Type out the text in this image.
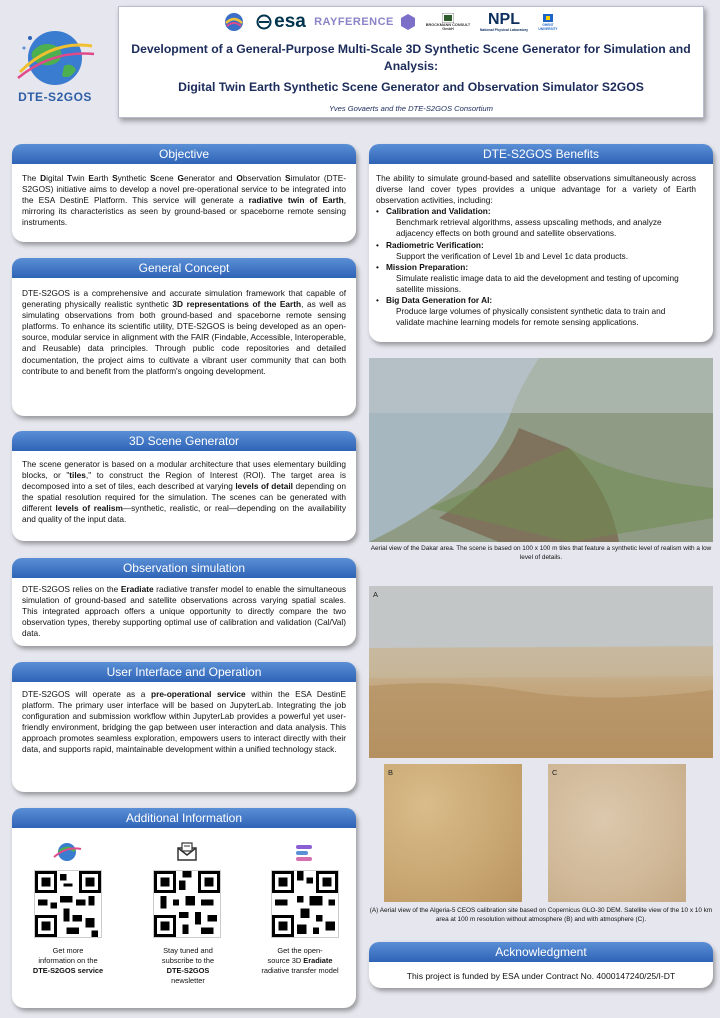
esa RAYFERENCE	BROCKMANN CONSULT GmbH
NPL
National Physical Laboratory
GHENT UNIVERSITY
Development of a General-Purpose Multi-Scale 3D Synthetic Scene Generator for Simulation and Analysis:
Digital Twin Earth Synthetic Scene Generator and Observation Simulator S2GOS
Yves Govaerts and the DTE-S2GOS Consortium
DTE-S2GOS
Objective
The Digital Twin Earth Synthetic Scene Generator and Observation Simulator (DTE-S2GOS) initiative aims to develop a novel pre-operational service to be integrated into the ESA DestinE Platform. This service will generate a radiative twin of Earth, mirroring its characteristics as seen by ground-based or spaceborne remote sensing instruments.
General Concept
DTE-S2GOS is a comprehensive and accurate simulation framework that capable of generating physically realistic synthetic 3D representations of the Earth, as well as simulating observations from both ground-based and spaceborne remote sensing platforms. To enhance its scientific utility, DTE-S2GOS is being developed as an open-source, modular service in alignment with the FAIR (Findable, Accessible, Interoperable, and Reusable) data principles. Through public code repositories and detailed documentation, the project aims to cultivate a vibrant user community that can both contribute to and benefit from the platform's ongoing development.
3D Scene Generator
The scene generator is based on a modular architecture that uses elementary building blocks, or "tiles," to construct the Region of Interest (ROI). The target area is decomposed into a set of tiles, each described at varying levels of detail depending on the spatial resolution required for the simulation. The scenes can be generated with different levels of realism—synthetic, realistic, or real—depending on the availability and quality of the input data.
Observation simulation
DTE-S2GOS relies on the Eradiate radiative transfer model to enable the simultaneous simulation of ground-based and satellite observations across varying spatial scales. This integrated approach offers a unique opportunity to directly compare the two observation types, thereby supporting optimal use of calibration and validation (Cal/Val) data.
User Interface and Operation
DTE-S2GOS will operate as a pre-operational service within the ESA DestinE platform. The primary user interface will be based on JupyterLab. Integrating the job configuration and submission workflow within JupyterLab provides a powerful yet user-friendly environment, bridging the gap between user interaction and data analysis. This approach promotes seamless exploration, empowers users to interact directly with their data, and supports rapid, maintainable development within a unified technology stack.
Additional Information
Get more
information on the
DTE-S2GOS service
Stay tuned and
subscribe to the
DTE-S2GOS
newsletter
Get the open-
source 3D Eradiate
radiative transfer model
DTE-S2GOS Benefits
The ability to simulate ground-based and satellite observations simultaneously across diverse land cover types provides a unique advantage for a variety of Earth observation activities, including:
• Calibration and Validation:
Benchmark retrieval algorithms, assess upscaling methods, and analyze adjacency effects on both ground and satellite observations.
• Radiometric Verification:
Support the verification of Level 1b and Level 1c data products.
• Mission Preparation:
Simulate realistic image data to aid the development and testing of upcoming satellite missions.
• Big Data Generation for AI:
Produce large volumes of physically consistent synthetic data to train and validate machine learning models for remote sensing applications.
Aerial view of the Dakar area. The scene is based on 100 x 100 m tiles that feature a synthetic level of realism with a low level of details.
A
B	C
(A) Aerial view of the Algeria-5 CEOS calibration site based on Copernicus GLO-30 DEM. Satellite view of the 10 x 10 km area at 100 m resolution without atmosphere (B) and with atmosphere (C).
Acknowledgment
This project is funded by ESA under Contract No. 4000147240/25/I-DT
